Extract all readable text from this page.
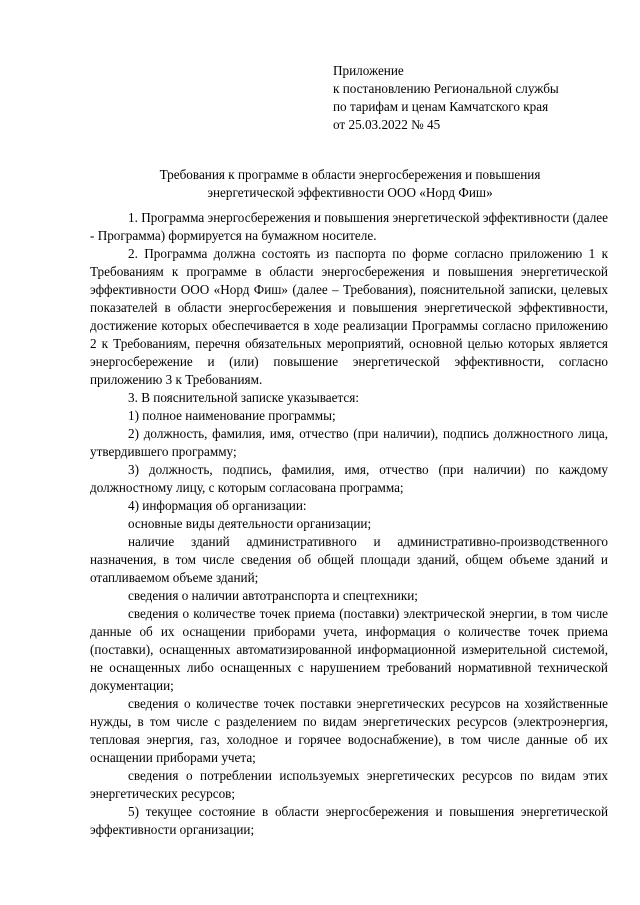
Приложение
к постановлению Региональной службы
по тарифам и ценам Камчатского края
от 25.03.2022 № 45
Требования к программе в области энергосбережения и повышения
энергетической эффективности ООО «Норд Фиш»

1. Программа энергосбережения и повышения энергетической эффективности (далее - Программа) формируется на бумажном носителе.

2. Программа должна состоять из паспорта по форме согласно приложению 1 к Требованиям к программе в области энергосбережения и повышения энергетической эффективности ООО «Норд Фиш» (далее – Требования), пояснительной записки, целевых показателей в области энергосбережения и повышения энергетической эффективности, достижение которых обеспечивается в ходе реализации Программы согласно приложению 2 к Требованиям, перечня обязательных мероприятий, основной целью которых является энергосбережение и (или) повышение энергетической эффективности, согласно приложению 3 к Требованиям.

3. В пояснительной записке указывается:

1) полное наименование программы;

2) должность, фамилия, имя, отчество (при наличии), подпись должностного лица, утвердившего программу;

3) должность, подпись, фамилия, имя, отчество (при наличии) по каждому должностному лицу, с которым согласована программа;

4) информация об организации:

основные виды деятельности организации;

наличие зданий административного и административно-производственного назначения, в том числе сведения об общей площади зданий, общем объеме зданий и отапливаемом объеме зданий;

сведения о наличии автотранспорта и спецтехники;

сведения о количестве точек приема (поставки) электрической энергии, в том числе данные об их оснащении приборами учета, информация о количестве точек приема (поставки), оснащенных автоматизированной информационной измерительной системой, не оснащенных либо оснащенных с нарушением требований нормативной технической документации;

сведения о количестве точек поставки энергетических ресурсов на хозяйственные нужды, в том числе с разделением по видам энергетических ресурсов (электроэнергия, тепловая энергия, газ, холодное и горячее водоснабжение), в том числе данные об их оснащении приборами учета;

сведения о потреблении используемых энергетических ресурсов по видам этих энергетических ресурсов;

5) текущее состояние в области энергосбережения и повышения энергетической эффективности организации;
